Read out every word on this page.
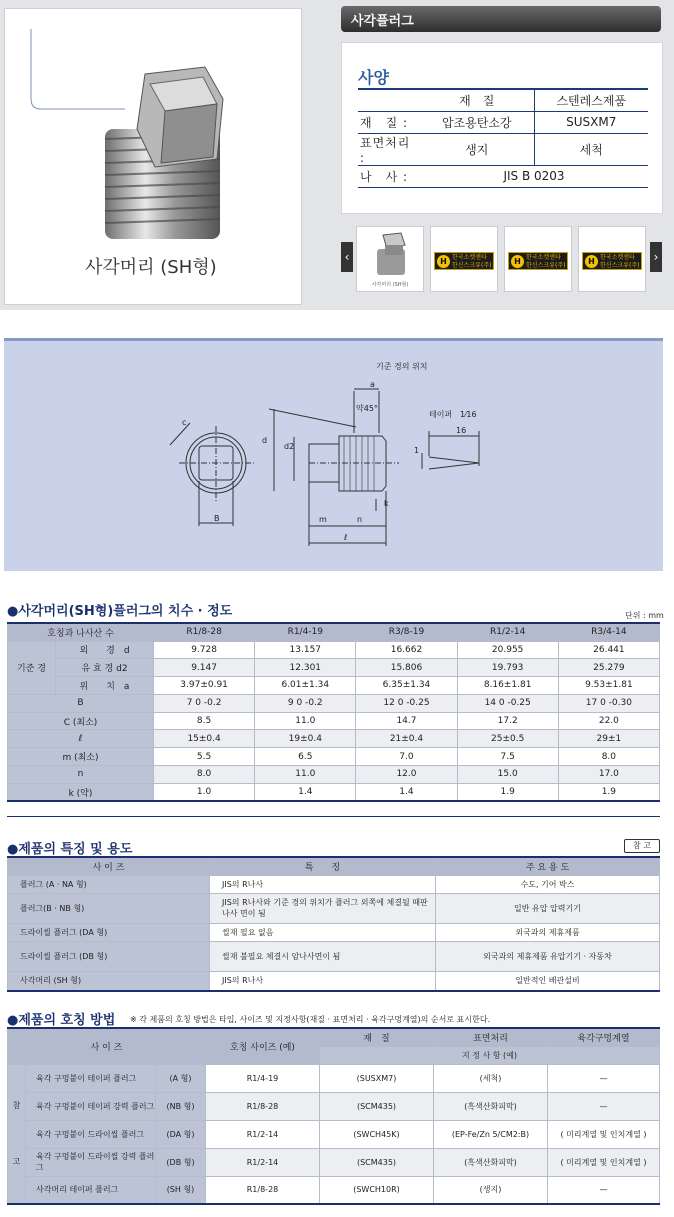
사각머리 (SH형)
사각플러그
사양
	재　질	스텐레스제품
재　질 :	압조용탄소강	SUSXM7
표면처리 :	생지	세척
나　사 :	JIS B 0203	
‹
사각머리 (SH형)
H 한국소켓센타
한신스크류(주)	H 한국소켓센타
한신스크류(주)	H 한국소켓센타
한신스크류(주)
›
기준 경의 위치
a
약45°
테이퍼 1⁄16
16
1
c
d
d2
B	m	n
k
ℓ
●사각머리(SH형)플러그의 치수 · 정도	단위 : mm
호칭과 나사산 수		R1/8-28	R1/4-19	R3/8-19	R1/2-14	R3/4-14
기준 경	외　　경　d	9.728	13.157	16.662	20.955	26.441
	유 효 경 d2	9.147	12.301	15.806	19.793	25.279
	위　　치　a	3.97±0.91	6.01±1.34	6.35±1.34	8.16±1.81	9.53±1.81
B		7 0 -0.2	9 0 -0.2	12 0 -0.25	14 0 -0.25	17 0 -0.30
C (최소)		8.5	11.0	14.7	17.2	22.0
ℓ		15±0.4	19±0.4	21±0.4	25±0.5	29±1
m (최소)		5.5	6.5	7.0	7.5	8.0
n		8.0	11.0	12.0	15.0	17.0
k (약)		1.0	1.4	1.4	1.9	1.9
●제품의 특징 및 용도	참 고
사 이 즈	특　　징	주 요 용 도
플러그 (A · NA 형)	JIS의 R나사	수도, 기어 박스
플러그(B · NB 형)	JIS의 R나사와 기준 경의 위치가 플러그 외쪽에 체결될 때판나사 면이 됨	일반 유압 압력기기
드라이씰 플러그 (DA 형)	씰재 필요 없음	외국과의 제휴제품
드라이씰 플러그 (DB 형)	씰재 불필요 체결시 암나사면이 됨	외국과의 제휴제품 유압기기 · 자동차
사각머리 (SH 형)	JIS의 R나사	일반적인 배관설비
●제품의 호칭 방법 ※ 각 제품의 호칭 방법은 타입, 사이즈 및 지정사항(재질 · 표면처리 · 육각구멍계열)의 순서로 표시한다.
사 이 즈			호칭 사이즈 (예)	재　질	표면처리	육각구멍계열
				지 정 사 항 (예)		
참
고	육각 구멍붙이 테이퍼 플러그	(A 형)	R1/4-19	(SUSXM7)	(세척)	—
	육각 구멍붙이 테이퍼 강력 플러그	(NB 형)	R1/8-28	(SCM435)	(흑색산화피막)	—
	육각 구멍붙이 드라이씰 플러그	(DA 형)	R1/2-14	(SWCH45K)	(EP-Fe/Zn 5/CM2:B)	( 미리계열 및 인치계열 )
	육각 구멍붙이 드라이씰 강력 플러그	(DB 형)	R1/2-14	(SCM435)	(흑색산화피막)	( 미리계열 및 인치계열 )
	사각머리 테이퍼 플러그	(SH 형)	R1/8-28	(SWCH10R)	(생지)	—
